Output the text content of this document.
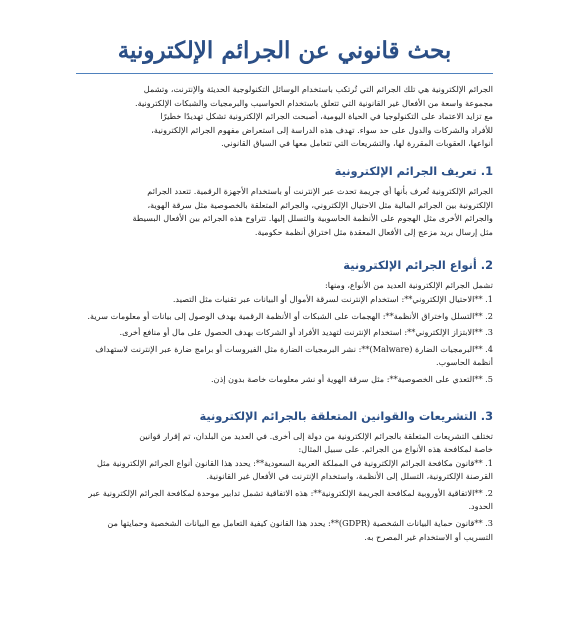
بحث قانوني عن الجرائم الإلكترونية

الجرائم الإلكترونية هي تلك الجرائم التي تُرتكب باستخدام الوسائل التكنولوجية الحديثة والإنترنت، وتشمل

مجموعة واسعة من الأفعال غير القانونية التي تتعلق باستخدام الحواسيب والبرمجيات والشبكات الإلكترونية.

مع تزايد الاعتماد على التكنولوجيا في الحياة اليومية، أصبحت الجرائم الإلكترونية تشكل تهديدًا خطيرًا

للأفراد والشركات والدول على حد سواء. تهدف هذه الدراسة إلى استعراض مفهوم الجرائم الإلكترونية،

أنواعها، العقوبات المقررة لها، والتشريعات التي تتعامل معها في السياق القانوني.

1. تعريف الجرائم الإلكترونية

الجرائم الإلكترونية تُعرف بأنها أي جريمة تحدث عبر الإنترنت أو باستخدام الأجهزة الرقمية. تتعدد الجرائم

الإلكترونية بين الجرائم المالية مثل الاحتيال الإلكتروني، والجرائم المتعلقة بالخصوصية مثل سرقة الهوية،

والجرائم الأخرى مثل الهجوم على الأنظمة الحاسوبية والتسلل إليها. تتراوح هذه الجرائم بين الأفعال البسيطة

مثل إرسال بريد مزعج إلى الأفعال المعقدة مثل اختراق أنظمة حكومية.

2. أنواع الجرائم الإلكترونية

تشمل الجرائم الإلكترونية العديد من الأنواع، ومنها:

1. **الاحتيال الإلكتروني**: استخدام الإنترنت لسرقة الأموال أو البيانات عبر تقنيات مثل التصيد.
2. **التسلل واختراق الأنظمة**: الهجمات على الشبكات أو الأنظمة الرقمية بهدف الوصول إلى بيانات أو معلومات سرية.
3. **الابتزاز الإلكتروني**: استخدام الإنترنت لتهديد الأفراد أو الشركات بهدف الحصول على مال أو منافع أخرى.
4. **البرمجيات الضارة (Malware)**: نشر البرمجيات الضارة مثل الفيروسات أو برامج ضارة عبر الإنترنت لاستهداف أنظمة الحاسوب.
5. **التعدي على الخصوصية**: مثل سرقة الهوية أو نشر معلومات خاصة بدون إذن.
3. التشريعات والقوانين المتعلقة بالجرائم الإلكترونية

تختلف التشريعات المتعلقة بالجرائم الإلكترونية من دولة إلى أخرى. في العديد من البلدان، تم إقرار قوانين

خاصة لمكافحة هذه الأنواع من الجرائم. على سبيل المثال:

1. **قانون مكافحة الجرائم الإلكترونية في المملكة العربية السعودية**: يحدد هذا القانون أنواع الجرائم الإلكترونية مثل القرصنة الإلكترونية، التسلل إلى الأنظمة، واستخدام الإنترنت في الأفعال غير القانونية.
2. **الاتفاقية الأوروبية لمكافحة الجريمة الإلكترونية**: هذه الاتفاقية تشمل تدابير موحدة لمكافحة الجرائم الإلكترونية عبر الحدود.
3. **قانون حماية البيانات الشخصية (GDPR)**: يحدد هذا القانون كيفية التعامل مع البيانات الشخصية وحمايتها من التسريب أو الاستخدام غير المصرح به.
